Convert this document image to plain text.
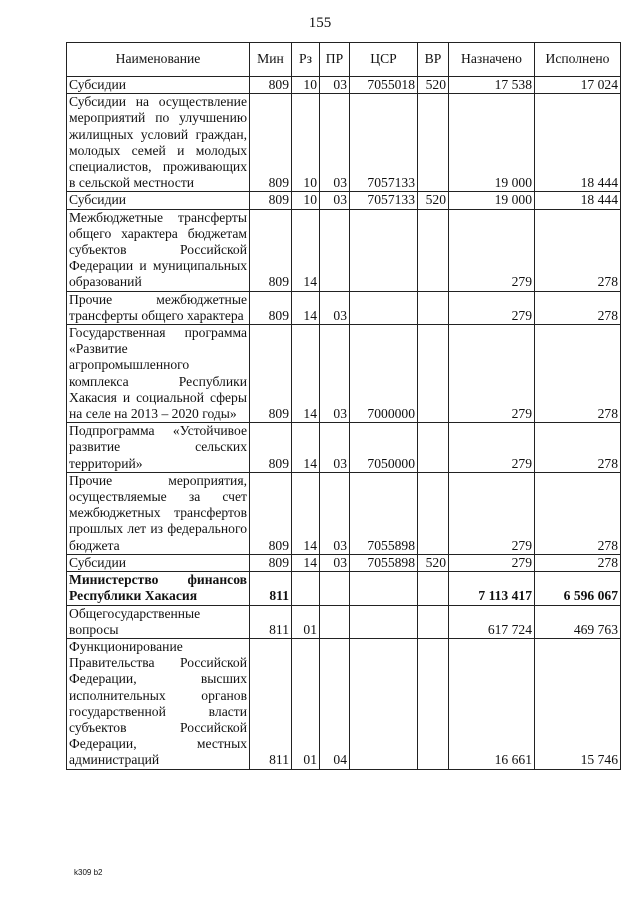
155
Наименование	Мин	Рз	ПР	ЦСР	ВР	Назначено	Исполнено
Субсидии	809	10	03	7055018	520	17 538	17 024
Субсидии на осуществление мероприятий по улучшению жилищных условий граждан, молодых семей и молодых специалистов, проживающих в сельской местности	809	10	03	7057133		19 000	18 444
Субсидии	809	10	03	7057133	520	19 000	18 444
Межбюджетные трансферты общего характера бюджетам субъектов Российской Федерации и муниципальных образований	809	14				279	278
Прочие межбюджетные трансферты общего характера	809	14	03			279	278
Государственная программа «Развитие агропромышленного комплекса Республики Хакасия и социальной сферы на селе на 2013 – 2020 годы»	809	14	03	7000000		279	278
Подпрограмма «Устойчивое развитие сельских территорий»	809	14	03	7050000		279	278
Прочие мероприятия, осуществляемые за счет межбюджетных трансфертов прошлых лет из федерального бюджета	809	14	03	7055898		279	278
Субсидии	809	14	03	7055898	520	279	278
Министерство финансов Республики Хакасия	811					7 113 417	6 596 067
Общегосударственные вопросы	811	01				617 724	469 763
Функционирование Правительства Российской Федерации, высших исполнительных органов государственной власти субъектов Российской Федерации, местных администраций	811	01	04			16 661	15 746
k309 b2
